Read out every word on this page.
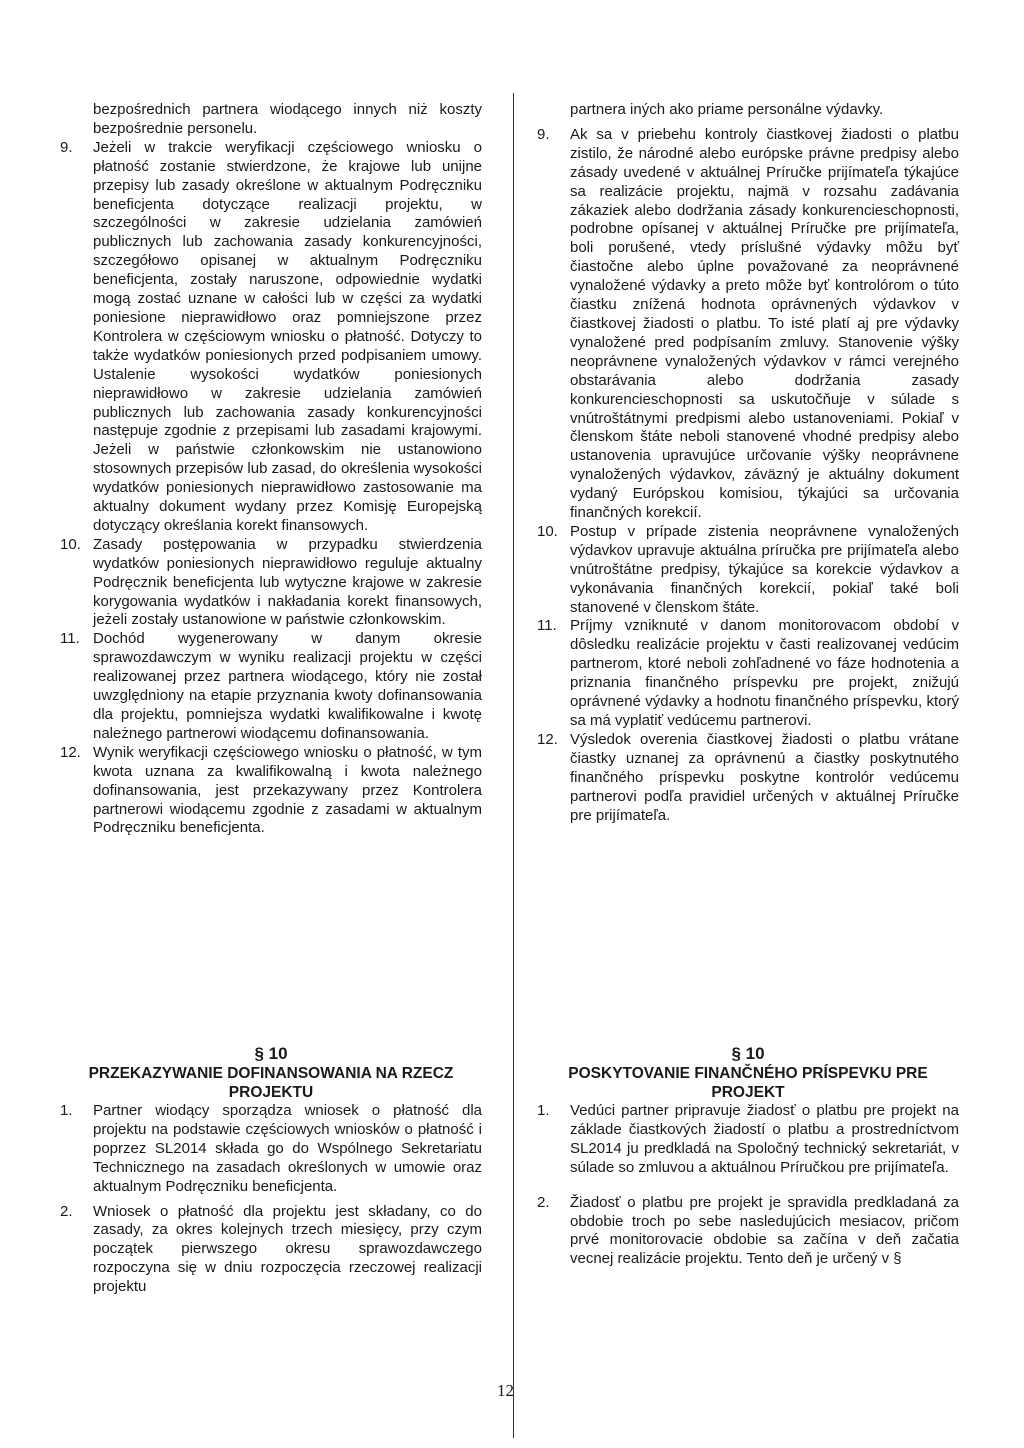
bezpośrednich partnera wiodącego innych niż koszty bezpośrednie personelu.

9. Jeżeli w trakcie weryfikacji częściowego wniosku o płatność zostanie stwierdzone, że krajowe lub unijne przepisy lub zasady określone w aktualnym Podręczniku beneficjenta dotyczące realizacji projektu, w szczególności w zakresie udzielania zamówień publicznych lub zachowania zasady konkurencyjności, szczegółowo opisanej w aktualnym Podręczniku beneficjenta, zostały naruszone, odpowiednie wydatki mogą zostać uznane w całości lub w części za wydatki poniesione nieprawidłowo oraz pomniejszone przez Kontrolera w częściowym wniosku o płatność. Dotyczy to także wydatków poniesionych przed podpisaniem umowy. Ustalenie wysokości wydatków poniesionych nieprawidłowo w zakresie udzielania zamówień publicznych lub zachowania zasady konkurencyjności następuje zgodnie z przepisami lub zasadami krajowymi. Jeżeli w państwie członkowskim nie ustanowiono stosownych przepisów lub zasad, do określenia wysokości wydatków poniesionych nieprawidłowo zastosowanie ma aktualny dokument wydany przez Komisję Europejską dotyczący określania korekt finansowych.
10. Zasady postępowania w przypadku stwierdzenia wydatków poniesionych nieprawidłowo reguluje aktualny Podręcznik beneficjenta lub wytyczne krajowe w zakresie korygowania wydatków i nakładania korekt finansowych, jeżeli zostały ustanowione w państwie członkowskim.
11. Dochód wygenerowany w danym okresie sprawozdawczym w wyniku realizacji projektu w części realizowanej przez partnera wiodącego, który nie został uwzględniony na etapie przyznania kwoty dofinansowania dla projektu, pomniejsza wydatki kwalifikowalne i kwotę należnego partnerowi wiodącemu dofinansowania.
12. Wynik weryfikacji częściowego wniosku o płatność, w tym kwota uznana za kwalifikowalną i kwota należnego dofinansowania, jest przekazywany przez Kontrolera partnerowi wiodącemu zgodnie z zasadami w aktualnym Podręczniku beneficjenta.

partnera iných ako priame personálne výdavky.

9. Ak sa v priebehu kontroly čiastkovej žiadosti o platbu zistilo, že národné alebo európske právne predpisy alebo zásady uvedené v aktuálnej Príručke prijímateľa týkajúce sa realizácie projektu, najmä v rozsahu zadávania zákaziek alebo dodržania zásady konkurencieschopnosti, podrobne opísanej v aktuálnej Príručke pre prijímateľa, boli porušené, vtedy príslušné výdavky môžu byť čiastočne alebo úplne považované za neoprávnené vynaložené výdavky a preto môže byť kontrolórom o túto čiastku znížená hodnota oprávnených výdavkov v čiastkovej žiadosti o platbu. To isté platí aj pre výdavky vynaložené pred podpísaním zmluvy. Stanovenie výšky neoprávnene vynaložených výdavkov v rámci verejného obstarávania alebo dodržania zasady konkurencieschopnosti sa uskutočňuje v súlade s vnútroštátnymi predpismi alebo ustanoveniami. Pokiaľ v členskom štáte neboli stanovené vhodné predpisy alebo ustanovenia upravujúce určovanie výšky neoprávnene vynaložených výdavkov, záväzný je aktuálny dokument vydaný Európskou komisiou, týkajúci sa určovania finančných korekcií.
10. Postup v prípade zistenia neoprávnene vynaložených výdavkov upravuje aktuálna príručka pre prijímateľa alebo vnútroštátne predpisy, týkajúce sa korekcie výdavkov a vykonávania finančných korekcií, pokiaľ také boli stanovené v členskom štáte.
11. Príjmy vzniknuté v danom monitorovacom období v dôsledku realizácie projektu v časti realizovanej vedúcim partnerom, ktoré neboli zohľadnené vo fáze hodnotenia a priznania finančného príspevku pre projekt, znižujú oprávnené výdavky a hodnotu finančného príspevku, ktorý sa má vyplatiť vedúcemu partnerovi.
12. Výsledok overenia čiastkovej žiadosti o platbu vrátane čiastky uznanej za oprávnenú a čiastky poskytnutého finančného príspevku poskytne kontrolór vedúcemu partnerovi podľa pravidiel určených v aktuálnej Príručke pre prijímateľa.
§ 10
PRZEKAZYWANIE DOFINANSOWANIA NA RZECZ PROJEKTU
1. Partner wiodący sporządza wniosek o płatność dla projektu na podstawie częściowych wniosków o płatność i poprzez SL2014 składa go do Wspólnego Sekretariatu Technicznego na zasadach określonych w umowie oraz aktualnym Podręczniku beneficjenta.
2. Wniosek o płatność dla projektu jest składany, co do zasady, za okres kolejnych trzech miesięcy, przy czym początek pierwszego okresu sprawozdawczego rozpoczyna się w dniu rozpoczęcia rzeczowej realizacji projektu
§ 10
POSKYTOVANIE FINANČNÉHO PRÍSPEVKU PRE PROJEKT
1. Vedúci partner pripravuje žiadosť o platbu pre projekt na základe čiastkových žiadostí o platbu a prostredníctvom SL2014 ju predkladá na Spoločný technický sekretariát, v súlade so zmluvou a aktuálnou Príručkou pre prijímateľa.
2. Žiadosť o platbu pre projekt je spravidla predkladaná za obdobie troch po sebe nasledujúcich mesiacov, pričom prvé monitorovacie obdobie sa začína v deň začatia vecnej realizácie projektu. Tento deň je určený v §
12
